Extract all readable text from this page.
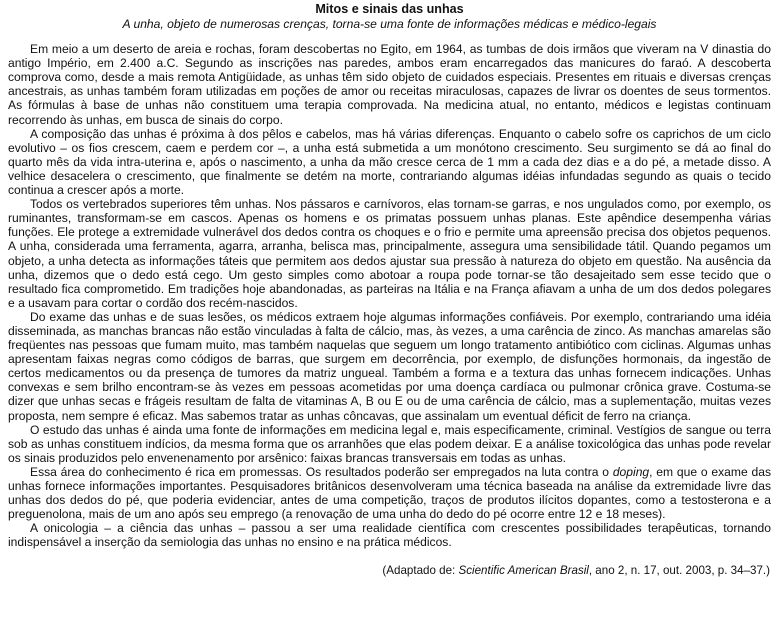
Mitos e sinais das unhas

A unha, objeto de numerosas crenças, torna-se uma fonte de informações médicas e médico-legais

Em meio a um deserto de areia e rochas, foram descobertas no Egito, em 1964, as tumbas de dois irmãos que viveram na V dinastia do antigo Império, em 2.400 a.C. Segundo as inscrições nas paredes, ambos eram encarregados das manicures do faraó. A descoberta comprova como, desde a mais remota Antigüidade, as unhas têm sido objeto de cuidados especiais. Presentes em rituais e diversas crenças ancestrais, as unhas também foram utilizadas em poções de amor ou receitas miraculosas, capazes de livrar os doentes de seus tormentos. As fórmulas à base de unhas não constituem uma terapia comprovada. Na medicina atual, no entanto, médicos e legistas continuam recorrendo às unhas, em busca de sinais do corpo.

A composição das unhas é próxima à dos pêlos e cabelos, mas há várias diferenças. Enquanto o cabelo sofre os caprichos de um ciclo evolutivo – os fios crescem, caem e perdem cor –, a unha está submetida a um monótono crescimento. Seu surgimento se dá ao final do quarto mês da vida intra-uterina e, após o nascimento, a unha da mão cresce cerca de 1 mm a cada dez dias e a do pé, a metade disso. A velhice desacelera o crescimento, que finalmente se detém na morte, contrariando algumas idéias infundadas segundo as quais o tecido continua a crescer após a morte.

Todos os vertebrados superiores têm unhas. Nos pássaros e carnívoros, elas tornam-se garras, e nos ungulados como, por exemplo, os ruminantes, transformam-se em cascos. Apenas os homens e os primatas possuem unhas planas. Este apêndice desempenha várias funções. Ele protege a extremidade vulnerável dos dedos contra os choques e o frio e permite uma apreensão precisa dos objetos pequenos. A unha, considerada uma ferramenta, agarra, arranha, belisca mas, principalmente, assegura uma sensibilidade tátil. Quando pegamos um objeto, a unha detecta as informações táteis que permitem aos dedos ajustar sua pressão à natureza do objeto em questão. Na ausência da unha, dizemos que o dedo está cego. Um gesto simples como abotoar a roupa pode tornar-se tão desajeitado sem esse tecido que o resultado fica comprometido. Em tradições hoje abandonadas, as parteiras na Itália e na França afiavam a unha de um dos dedos polegares e a usavam para cortar o cordão dos recém-nascidos.

Do exame das unhas e de suas lesões, os médicos extraem hoje algumas informações confiáveis. Por exemplo, contrariando uma idéia disseminada, as manchas brancas não estão vinculadas à falta de cálcio, mas, às vezes, a uma carência de zinco. As manchas amarelas são freqüentes nas pessoas que fumam muito, mas também naquelas que seguem um longo tratamento antibiótico com ciclinas. Algumas unhas apresentam faixas negras como códigos de barras, que surgem em decorrência, por exemplo, de disfunções hormonais, da ingestão de certos medicamentos ou da presença de tumores da matriz ungueal. Também a forma e a textura das unhas fornecem indicações. Unhas convexas e sem brilho encontram-se às vezes em pessoas acometidas por uma doença cardíaca ou pulmonar crônica grave. Costuma-se dizer que unhas secas e frágeis resultam de falta de vitaminas A, B ou E ou de uma carência de cálcio, mas a suplementação, muitas vezes proposta, nem sempre é eficaz. Mas sabemos tratar as unhas côncavas, que assinalam um eventual déficit de ferro na criança.

O estudo das unhas é ainda uma fonte de informações em medicina legal e, mais especificamente, criminal. Vestígios de sangue ou terra sob as unhas constituem indícios, da mesma forma que os arranhões que elas podem deixar. E a análise toxicológica das unhas pode revelar os sinais produzidos pelo envenenamento por arsênico: faixas brancas transversais em todas as unhas.

Essa área do conhecimento é rica em promessas. Os resultados poderão ser empregados na luta contra o doping, em que o exame das unhas fornece informações importantes. Pesquisadores britânicos desenvolveram uma técnica baseada na análise da extremidade livre das unhas dos dedos do pé, que poderia evidenciar, antes de uma competição, traços de produtos ilícitos dopantes, como a testosterona e a preguenolona, mais de um ano após seu emprego (a renovação de uma unha do dedo do pé ocorre entre 12 e 18 meses).

A onicologia – a ciência das unhas – passou a ser uma realidade científica com crescentes possibilidades terapêuticas, tornando indispensável a inserção da semiologia das unhas no ensino e na prática médicos.

(Adaptado de: Scientific American Brasil, ano 2, n. 17, out. 2003, p. 34–37.)
